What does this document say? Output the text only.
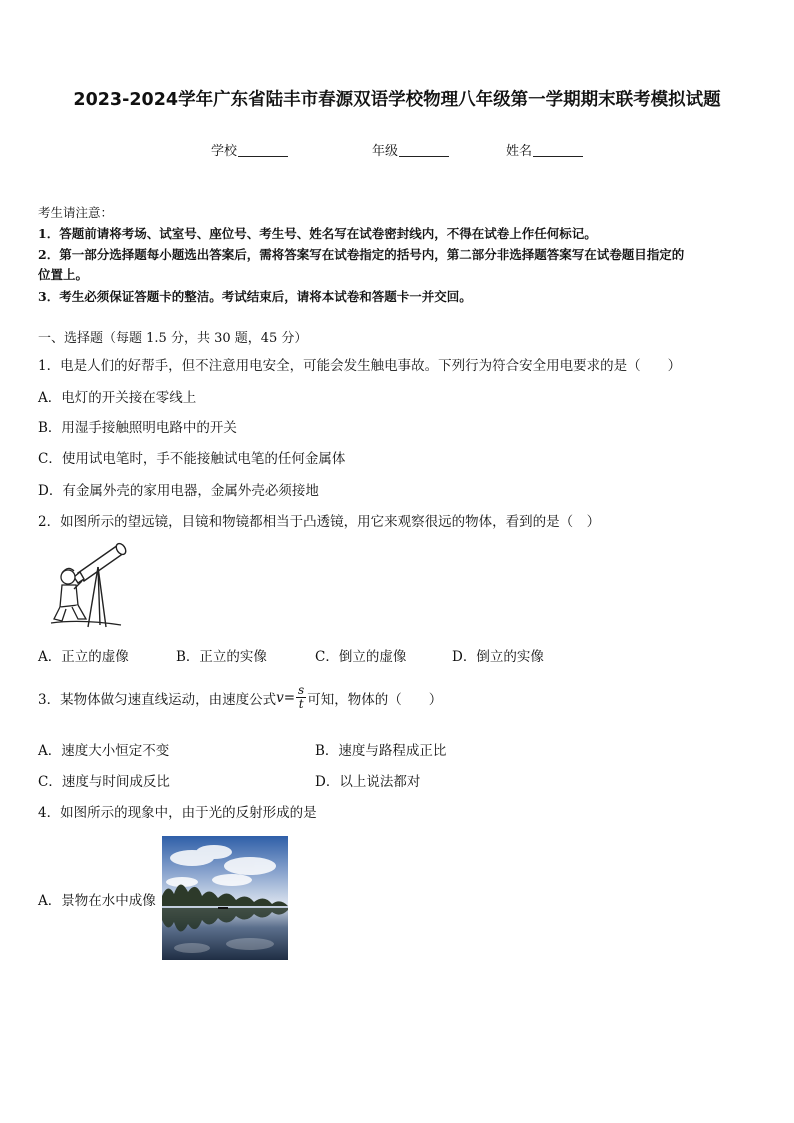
2023-2024学年广东省陆丰市春源双语学校物理八年级第一学期期末联考模拟试题
学校	年级	姓名
考生请注意：
1．答题前请将考场、试室号、座位号、考生号、姓名写在试卷密封线内，不得在试卷上作任何标记。
2．第一部分选择题每小题选出答案后，需将答案写在试卷指定的括号内，第二部分非选择题答案写在试卷题目指定的
位置上。
3．考生必须保证答题卡的整洁。考试结束后，请将本试卷和答题卡一并交回。
一、选择题（每题 1.5 分，共 30 题，45 分）
1．电是人们的好帮手，但不注意用电安全，可能会发生触电事故。下列行为符合安全用电要求的是（　　）
A．电灯的开关接在零线上
B．用湿手接触照明电路中的开关
C．使用试电笔时，手不能接触试电笔的任何金属体
D．有金属外壳的家用电器，金属外壳必须接地
2．如图所示的望远镜，目镜和物镜都相当于凸透镜，用它来观察很远的物体，看到的是（　）
A．正立的虚像	B．正立的实像	C．倒立的虚像	D．倒立的实像
3．某物体做匀速直线运动，由速度公式 $v= \frac{s}{t}$ 可知，物体的（　　）
A．速度大小恒定不变	B．速度与路程成正比
C．速度与时间成反比	D．以上说法都对
4．如图所示的现象中，由于光的反射形成的是
A．景物在水中成像
